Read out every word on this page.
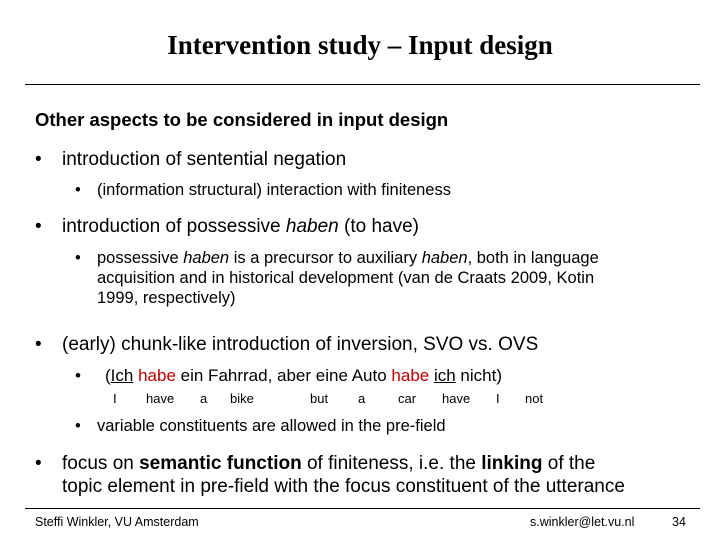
Intervention study – Input design
Other aspects to be considered in input design
• introduction of sentential negation
• (information structural) interaction with finiteness
• introduction of possessive haben (to have)
• possessive haben is a precursor to auxiliary haben, both in language
acquisition and in historical development (van de Craats 2009, Kotin
1999, respectively)
• (early) chunk-like introduction of inversion, SVO vs. OVS
• (Ich habe ein Fahrrad, aber eine Auto habe ich nicht)
I have a bike	but a	car have I not
• variable constituents are allowed in the pre-field
• focus on semantic function of finiteness, i.e. the linking of the
topic element in pre-field with the focus constituent of the utterance
Steffi Winkler, VU Amsterdam	s.winkler@let.vu.nl	34
